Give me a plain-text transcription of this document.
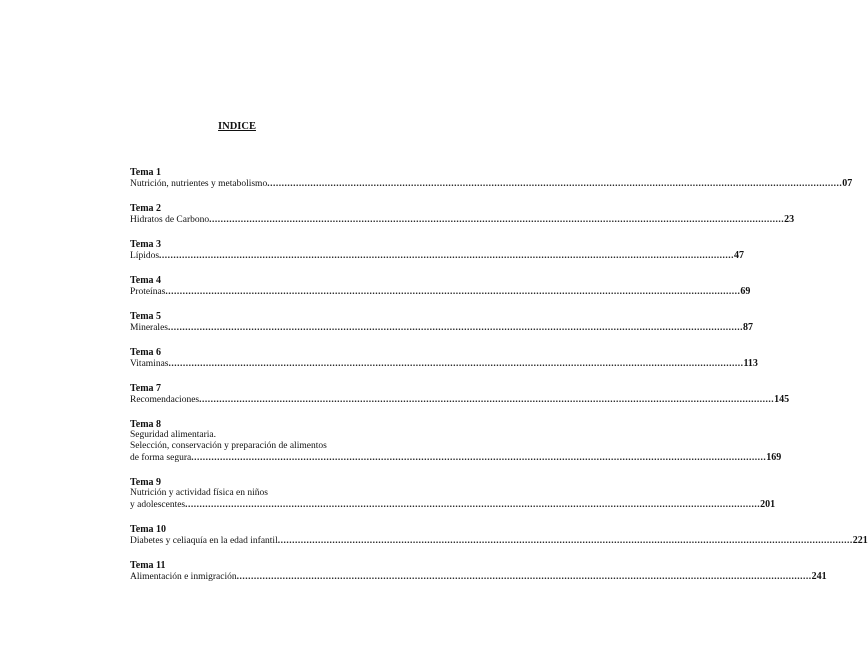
INDICE
Tema 1
Nutrición, nutrientes y metabolismo ........................................................................................................................................................................................................ 07
Tema 2
Hidratos de Carbono ........................................................................................................................................................................................................ 23
Tema 3
Lípidos ........................................................................................................................................................................................................ 47
Tema 4
Proteínas ........................................................................................................................................................................................................ 69
Tema 5
Minerales ........................................................................................................................................................................................................ 87
Tema 6
Vitaminas ........................................................................................................................................................................................................ 113
Tema 7
Recomendaciones ........................................................................................................................................................................................................ 145
Tema 8
Seguridad alimentaria.
Selección, conservación y preparación de alimentos
de forma segura ........................................................................................................................................................................................................ 169
Tema 9
Nutrición y actividad física en niños
y adolescentes ........................................................................................................................................................................................................ 201
Tema 10
Diabetes y celiaquía en la edad infantil ........................................................................................................................................................................................................ 221
Tema 11
Alimentación e inmigración ........................................................................................................................................................................................................ 241
